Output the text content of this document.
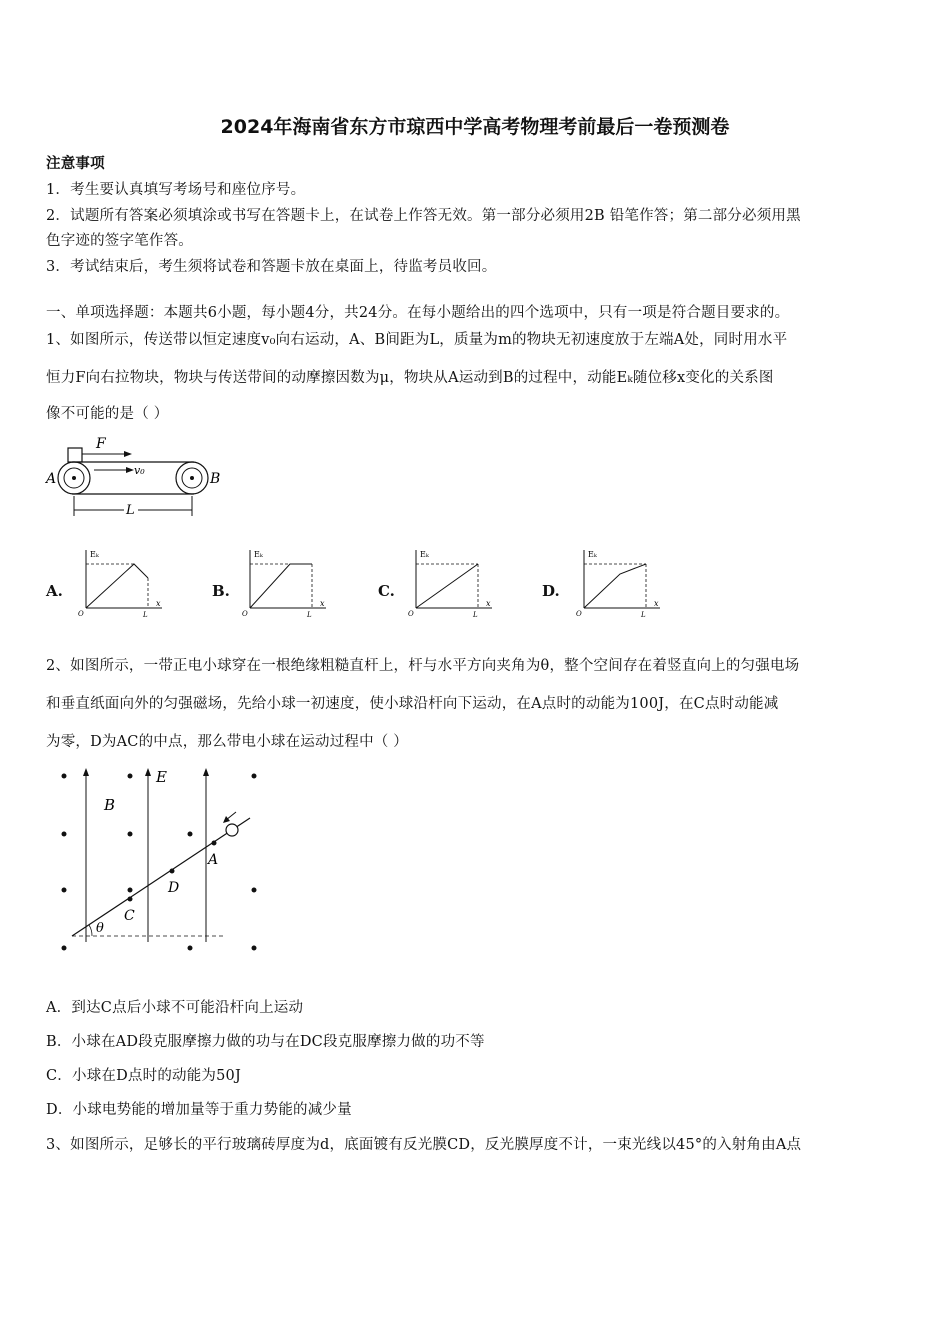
2024年海南省东方市琼西中学高考物理考前最后一卷预测卷
注意事项
1．考生要认真填写考场号和座位序号。
2．试题所有答案必须填涂或书写在答题卡上，在试卷上作答无效。第一部分必须用2B 铅笔作答；第二部分必须用黑
色字迹的签字笔作答。
3．考试结束后，考生须将试卷和答题卡放在桌面上，待监考员收回。
一、单项选择题：本题共6小题，每小题4分，共24分。在每小题给出的四个选项中，只有一项是符合题目要求的。
1、如图所示，传送带以恒定速度v₀向右运动，A、B间距为L，质量为m的物块无初速度放于左端A处，同时用水平
恒力F向右拉物块，物块与传送带间的动摩擦因数为μ，物块从A运动到B的过程中，动能Eₖ随位移x变化的关系图
像不可能的是（ ）
F
v₀
A	B
L
A.
Eₖ
x
O	L
B.
Eₖ
x
O	L
C.
Eₖ
x
O	L
D.
Eₖ
x
O	L
2、如图所示，一带正电小球穿在一根绝缘粗糙直杆上，杆与水平方向夹角为θ，整个空间存在着竖直向上的匀强电场
和垂直纸面向外的匀强磁场，先给小球一初速度，使小球沿杆向下运动，在A点时的动能为100J，在C点时动能减
为零，D为AC的中点，那么带电小球在运动过程中（ ）
B
E
θ
A
D
C
A．到达C点后小球不可能沿杆向上运动
B．小球在AD段克服摩擦力做的功与在DC段克服摩擦力做的功不等
C．小球在D点时的动能为50J
D．小球电势能的增加量等于重力势能的减少量
3、如图所示，足够长的平行玻璃砖厚度为d，底面镀有反光膜CD，反光膜厚度不计，一束光线以45°的入射角由A点
